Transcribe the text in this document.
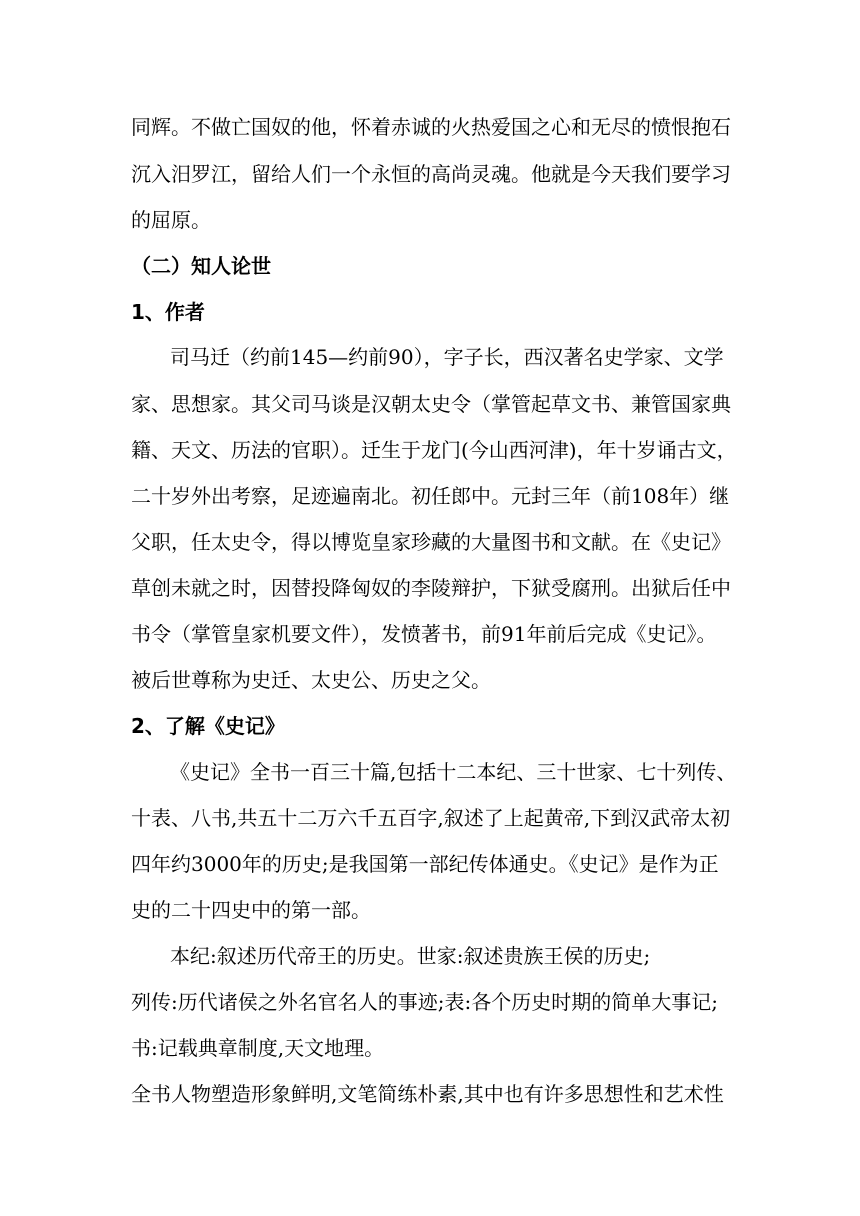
同辉。不做亡国奴的他，怀着赤诚的火热爱国之心和无尽的愤恨抱石
沉入汨罗江，留给人们一个永恒的高尚灵魂。他就是今天我们要学习
的屈原。
（二）知人论世
1、作者
司马迁（约前145—约前90），字子长，西汉著名史学家、文学
家、思想家。其父司马谈是汉朝太史令（掌管起草文书、兼管国家典
籍、天文、历法的官职）。迁生于龙门(今山西河津)，年十岁诵古文，
二十岁外出考察，足迹遍南北。初任郎中。元封三年（前108年）继
父职，任太史令，得以博览皇家珍藏的大量图书和文献。在《史记》
草创未就之时，因替投降匈奴的李陵辩护，下狱受腐刑。出狱后任中
书令（掌管皇家机要文件），发愤著书，前91年前后完成《史记》。
被后世尊称为史迁、太史公、历史之父。
2、了解《史记》
《史记》全书一百三十篇,包括十二本纪、三十世家、七十列传、
十表、八书,共五十二万六千五百字,叙述了上起黄帝,下到汉武帝太初
四年约3000年的历史;是我国第一部纪传体通史。《史记》是作为正
史的二十四史中的第一部。
本纪:叙述历代帝王的历史。世家:叙述贵族王侯的历史;
列传:历代诸侯之外名官名人的事迹;表:各个历史时期的简单大事记;
书:记载典章制度,天文地理。
全书人物塑造形象鲜明,文笔简练朴素,其中也有许多思想性和艺术性
